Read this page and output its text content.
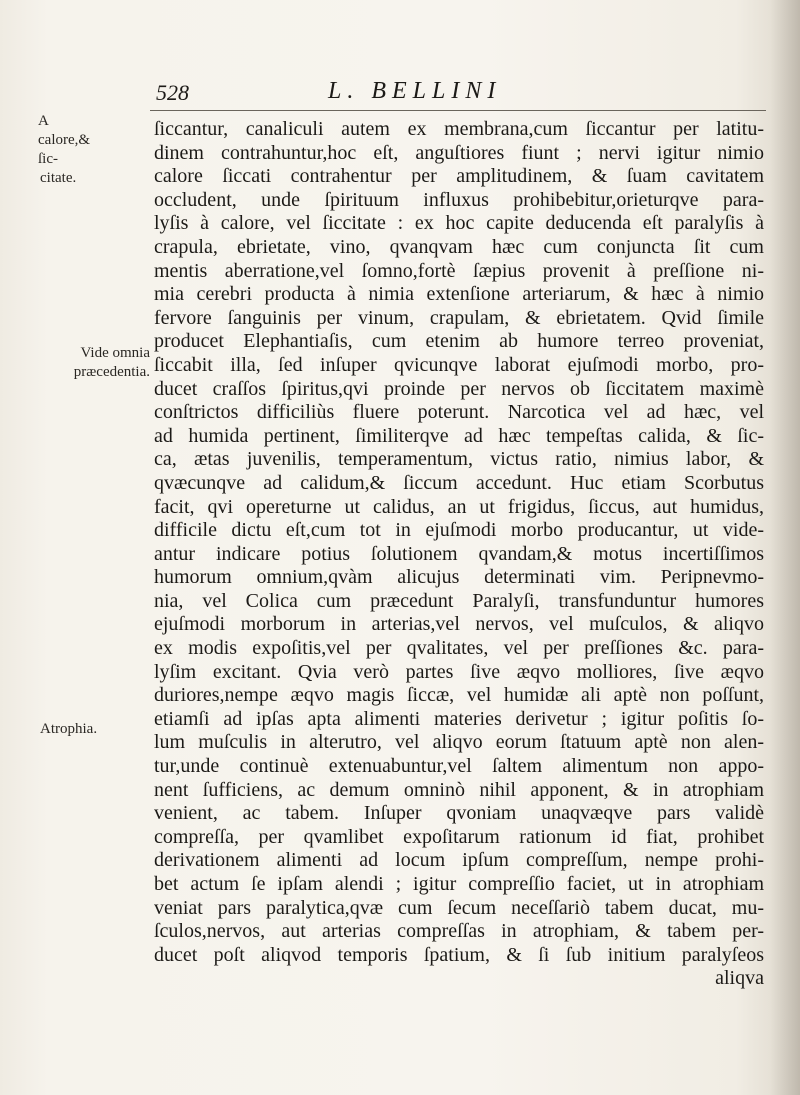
528	L. BELLINI
A calore,& ſic-
citate.
Vide omnia
præcedentia.
Atrophia.
ſiccantur, canaliculi autem ex membrana,cum ſiccantur per latitu-
dinem contrahuntur,hoc eſt, anguſtiores fiunt ; nervi igitur nimio
calore ſiccati contrahentur per amplitudinem, & ſuam cavitatem
occludent, unde ſpirituum influxus prohibebitur,orieturqve para-
lyſis à calore, vel ſiccitate : ex hoc capite deducenda eſt paralyſis à
crapula, ebrietate, vino, qvanqvam hæc cum conjuncta ſit cum
mentis aberratione,vel ſomno,fortè ſæpius provenit à preſſione ni-
mia cerebri producta à nimia extenſione arteriarum, & hæc à nimio
fervore ſanguinis per vinum, crapulam, & ebrietatem. Qvid ſimile
producet Elephantiaſis, cum etenim ab humore terreo proveniat,
ſiccabit illa, ſed inſuper qvicunqve laborat ejuſmodi morbo, pro-
ducet craſſos ſpiritus,qvi proinde per nervos ob ſiccitatem maximè
conſtrictos difficiliùs fluere poterunt. Narcotica vel ad hæc, vel
ad humida pertinent, ſimiliterqve ad hæc tempeſtas calida, & ſic-
ca, ætas juvenilis, temperamentum, victus ratio, nimius labor, &
qvæcunqve ad calidum,& ſiccum accedunt. Huc etiam Scorbutus
facit, qvi opereturne ut calidus, an ut frigidus, ſiccus, aut humidus,
difficile dictu eſt,cum tot in ejuſmodi morbo producantur, ut vide-
antur indicare potius ſolutionem qvandam,& motus incertiſſimos
humorum omnium,qvàm alicujus determinati vim. Peripnevmo-
nia, vel Colica cum præcedunt Paralyſi, transfunduntur humores
ejuſmodi morborum in arterias,vel nervos, vel muſculos, & aliqvo
ex modis expoſitis,vel per qvalitates, vel per preſſiones &c. para-
lyſim excitant. Qvia verò partes ſive æqvo molliores, ſive æqvo
duriores,nempe æqvo magis ſiccæ, vel humidæ ali aptè non poſſunt,
etiamſi ad ipſas apta alimenti materies derivetur ; igitur poſitis ſo-
lum muſculis in alterutro, vel aliqvo eorum ſtatuum aptè non alen-
tur,unde continuè extenuabuntur,vel ſaltem alimentum non appo-
nent ſufficiens, ac demum omninò nihil apponent, & in atrophiam
venient, ac tabem. Inſuper qvoniam unaqvæqve pars validè
compreſſa, per qvamlibet expoſitarum rationum id fiat, prohibet
derivationem alimenti ad locum ipſum compreſſum, nempe prohi-
bet actum ſe ipſam alendi ; igitur compreſſio faciet, ut in atrophiam
veniat pars paralytica,qvæ cum ſecum neceſſariò tabem ducat, mu-
ſculos,nervos, aut arterias compreſſas in atrophiam, & tabem per-
ducet poſt aliqvod temporis ſpatium, & ſi ſub initium paralyſeos
aliqva
